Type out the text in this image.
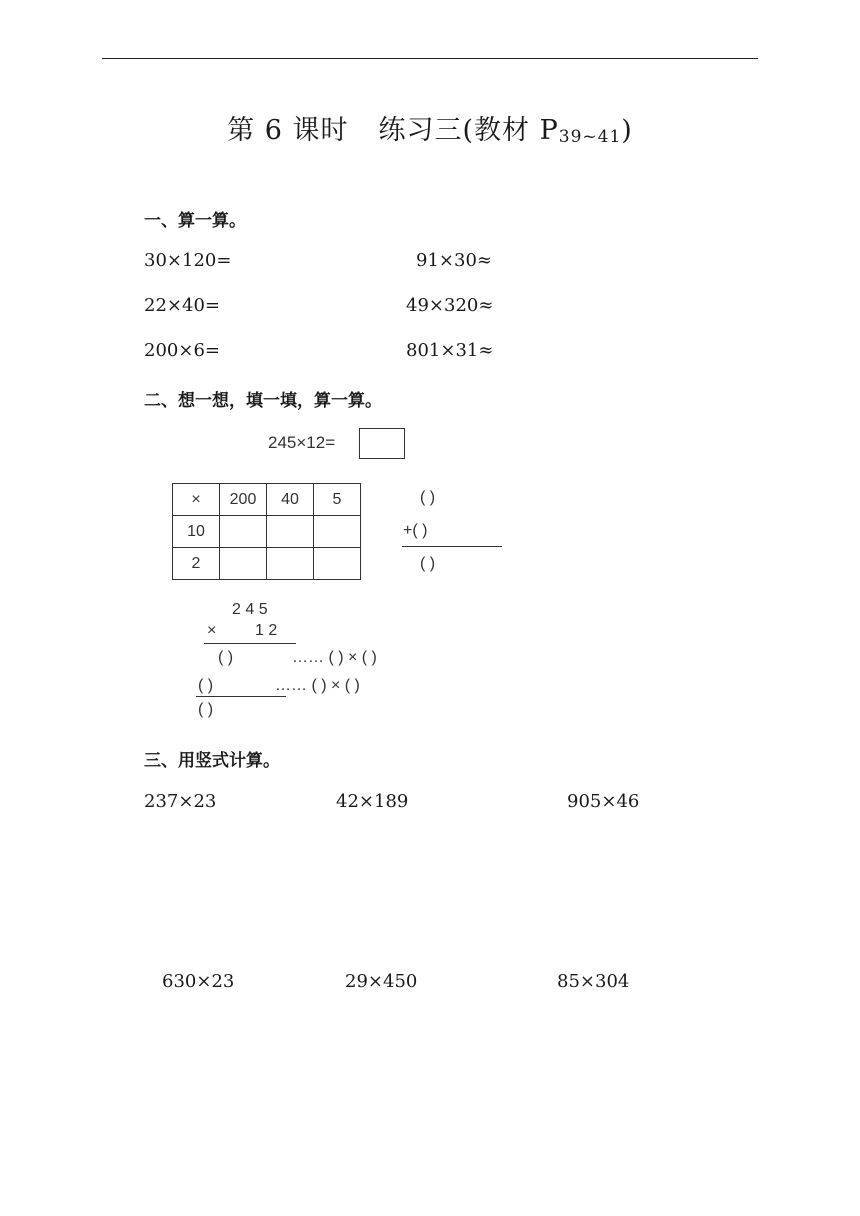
第 6 课时 练习三(教材 $P_{39\sim 41}$)
一、算一算。
30×120=	91×30≈
22×40=	49×320≈
200×6=	801×31≈
二、想一想，填一填，算一算。
245×12=
×	200	40	5
10			
2			
( )
+( )
( )
2 4 5
× 1 2
( )	…… ( ) × ( )
( )	…… ( ) × ( )
( )
三、用竖式计算。
237×23	42×189	905×46
630×23	29×450	85×304
